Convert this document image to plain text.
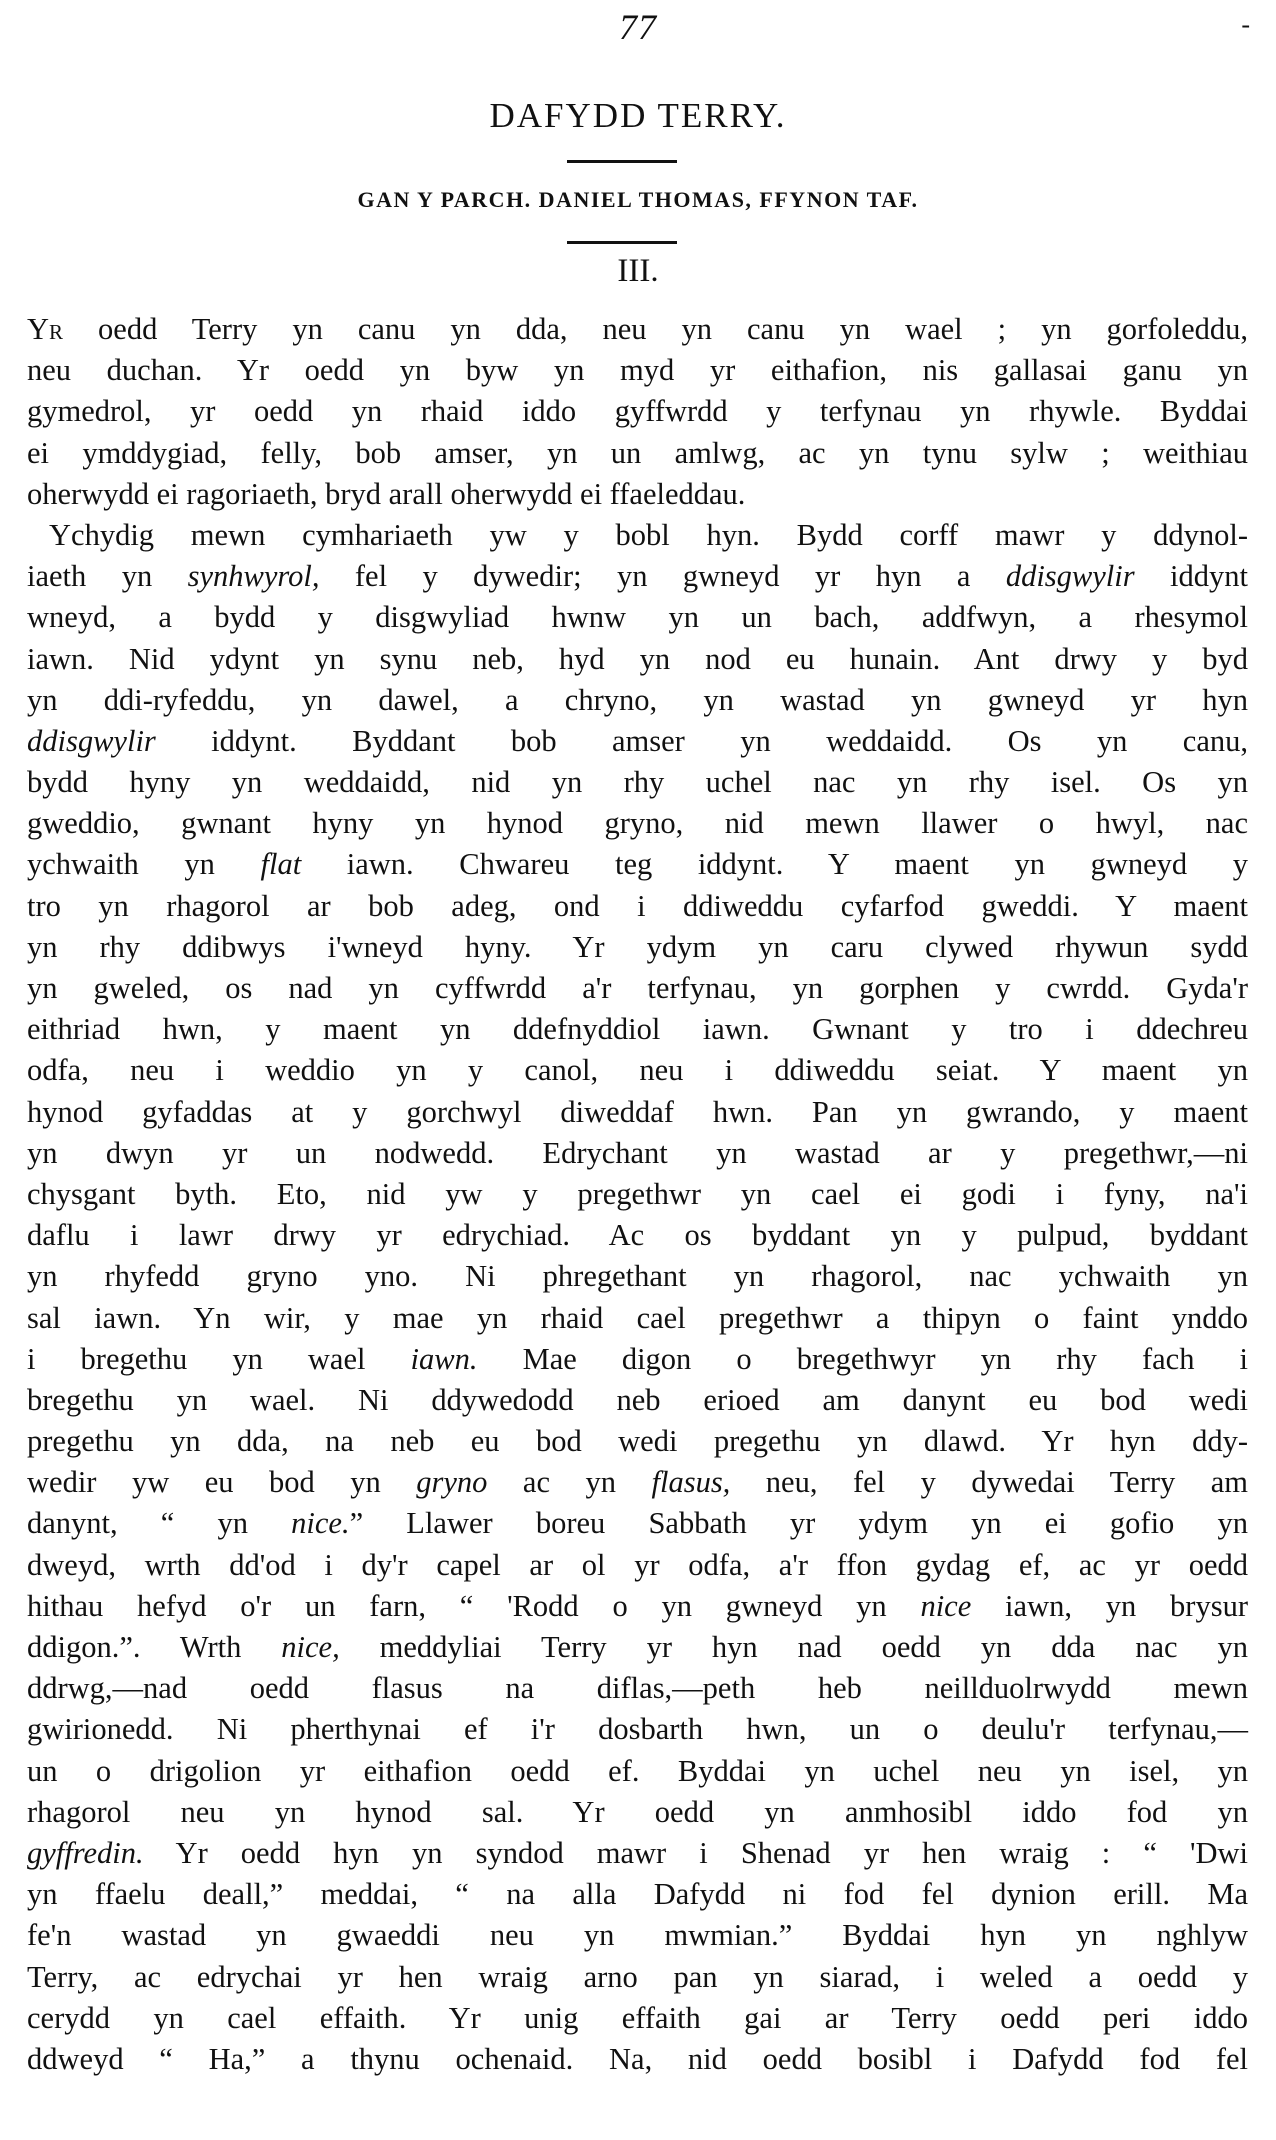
77	-
DAFYDD TERRY.
GAN Y PARCH. DANIEL THOMAS, FFYNON TAF.
III.
Yr oedd Terry yn canu yn dda, neu yn canu yn wael ; yn gorfoleddu,
neu duchan. Yr oedd yn byw yn myd yr eithafion, nis gallasai ganu yn
gymedrol, yr oedd yn rhaid iddo gyffwrdd y terfynau yn rhywle. Byddai
ei ymddygiad, felly, bob amser, yn un amlwg, ac yn tynu sylw ; weithiau
oherwydd ei ragoriaeth, bryd arall oherwydd ei ffaeleddau.
Ychydig mewn cymhariaeth yw y bobl hyn. Bydd corff mawr y ddynol-
iaeth yn synhwyrol, fel y dywedir; yn gwneyd yr hyn a ddisgwylir iddynt
wneyd, a bydd y disgwyliad hwnw yn un bach, addfwyn, a rhesymol
iawn. Nid ydynt yn synu neb, hyd yn nod eu hunain. Ant drwy y byd
yn ddi-ryfeddu, yn dawel, a chryno, yn wastad yn gwneyd yr hyn
ddisgwylir iddynt. Byddant bob amser yn weddaidd. Os yn canu,
bydd hyny yn weddaidd, nid yn rhy uchel nac yn rhy isel. Os yn
gweddio, gwnant hyny yn hynod gryno, nid mewn llawer o hwyl, nac
ychwaith yn flat iawn. Chwareu teg iddynt. Y maent yn gwneyd y
tro yn rhagorol ar bob adeg, ond i ddiweddu cyfarfod gweddi. Y maent
yn rhy ddibwys i'wneyd hyny. Yr ydym yn caru clywed rhywun sydd
yn gweled, os nad yn cyffwrdd a'r terfynau, yn gorphen y cwrdd. Gyda'r
eithriad hwn, y maent yn ddefnyddiol iawn. Gwnant y tro i ddechreu
odfa, neu i weddio yn y canol, neu i ddiweddu seiat. Y maent yn
hynod gyfaddas at y gorchwyl diweddaf hwn. Pan yn gwrando, y maent
yn dwyn yr un nodwedd. Edrychant yn wastad ar y pregethwr,—ni
chysgant byth. Eto, nid yw y pregethwr yn cael ei godi i fyny, na'i
daflu i lawr drwy yr edrychiad. Ac os byddant yn y pulpud, byddant
yn rhyfedd gryno yno. Ni phregethant yn rhagorol, nac ychwaith yn
sal iawn. Yn wir, y mae yn rhaid cael pregethwr a thipyn o faint ynddo
i bregethu yn wael iawn. Mae digon o bregethwyr yn rhy fach i
bregethu yn wael. Ni ddywedodd neb erioed am danynt eu bod wedi
pregethu yn dda, na neb eu bod wedi pregethu yn dlawd. Yr hyn ddy-
wedir yw eu bod yn gryno ac yn flasus, neu, fel y dywedai Terry am
danynt, “ yn nice.” Llawer boreu Sabbath yr ydym yn ei gofio yn
dweyd, wrth dd'od i dy'r capel ar ol yr odfa, a'r ffon gydag ef, ac yr oedd
hithau hefyd o'r un farn, “ 'Rodd o yn gwneyd yn nice iawn, yn brysur
ddigon.”. Wrth nice, meddyliai Terry yr hyn nad oedd yn dda nac yn
ddrwg,—nad oedd flasus na diflas,—peth heb neillduolrwydd mewn
gwirionedd. Ni pherthynai ef i'r dosbarth hwn, un o deulu'r terfynau,—
un o drigolion yr eithafion oedd ef. Byddai yn uchel neu yn isel, yn
rhagorol neu yn hynod sal. Yr oedd yn anmhosibl iddo fod yn
gyffredin. Yr oedd hyn yn syndod mawr i Shenad yr hen wraig : “ 'Dwi
yn ffaelu deall,” meddai, “ na alla Dafydd ni fod fel dynion erill. Ma
fe'n wastad yn gwaeddi neu yn mwmian.” Byddai hyn yn nghlyw
Terry, ac edrychai yr hen wraig arno pan yn siarad, i weled a oedd y
cerydd yn cael effaith. Yr unig effaith gai ar Terry oedd peri iddo
ddweyd “ Ha,” a thynu ochenaid. Na, nid oedd bosibl i Dafydd fod fel
